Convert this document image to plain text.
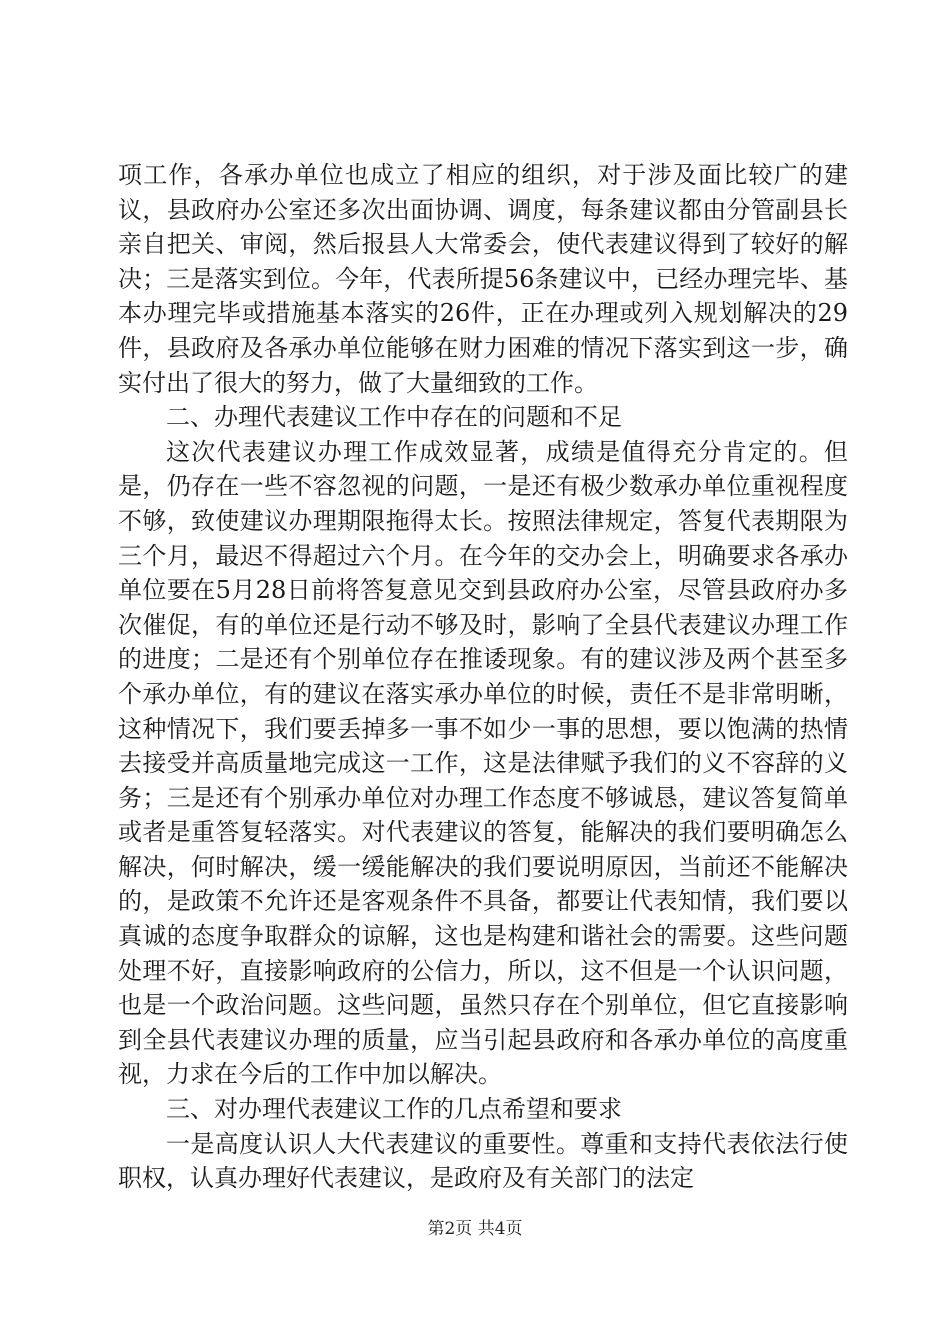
项工作，各承办单位也成立了相应的组织，对于涉及面比较广的建议，县政府办公室还多次出面协调、调度，每条建议都由分管副县长亲自把关、审阅，然后报县人大常委会，使代表建议得到了较好的解决；三是落实到位。今年，代表所提56条建议中，已经办理完毕、基本办理完毕或措施基本落实的26件，正在办理或列入规划解决的29件，县政府及各承办单位能够在财力困难的情况下落实到这一步，确实付出了很大的努力，做了大量细致的工作。

二、办理代表建议工作中存在的问题和不足

这次代表建议办理工作成效显著，成绩是值得充分肯定的。但是，仍存在一些不容忽视的问题，一是还有极少数承办单位重视程度不够，致使建议办理期限拖得太长。按照法律规定，答复代表期限为三个月，最迟不得超过六个月。在今年的交办会上，明确要求各承办单位要在5月28日前将答复意见交到县政府办公室，尽管县政府办多次催促，有的单位还是行动不够及时，影响了全县代表建议办理工作的进度；二是还有个别单位存在推诿现象。有的建议涉及两个甚至多个承办单位，有的建议在落实承办单位的时候，责任不是非常明晰，这种情况下，我们要丢掉多一事不如少一事的思想，要以饱满的热情去接受并高质量地完成这一工作，这是法律赋予我们的义不容辞的义务；三是还有个别承办单位对办理工作态度不够诚恳，建议答复简单或者是重答复轻落实。对代表建议的答复，能解决的我们要明确怎么解决，何时解决，缓一缓能解决的我们要说明原因，当前还不能解决的，是政策不允许还是客观条件不具备，都要让代表知情，我们要以真诚的态度争取群众的谅解，这也是构建和谐社会的需要。这些问题处理不好，直接影响政府的公信力，所以，这不但是一个认识问题，也是一个政治问题。这些问题，虽然只存在个别单位，但它直接影响到全县代表建议办理的质量，应当引起县政府和各承办单位的高度重视，力求在今后的工作中加以解决。

三、对办理代表建议工作的几点希望和要求

一是高度认识人大代表建议的重要性。尊重和支持代表依法行使职权，认真办理好代表建议，是政府及有关部门的法定

第2页 共4页
